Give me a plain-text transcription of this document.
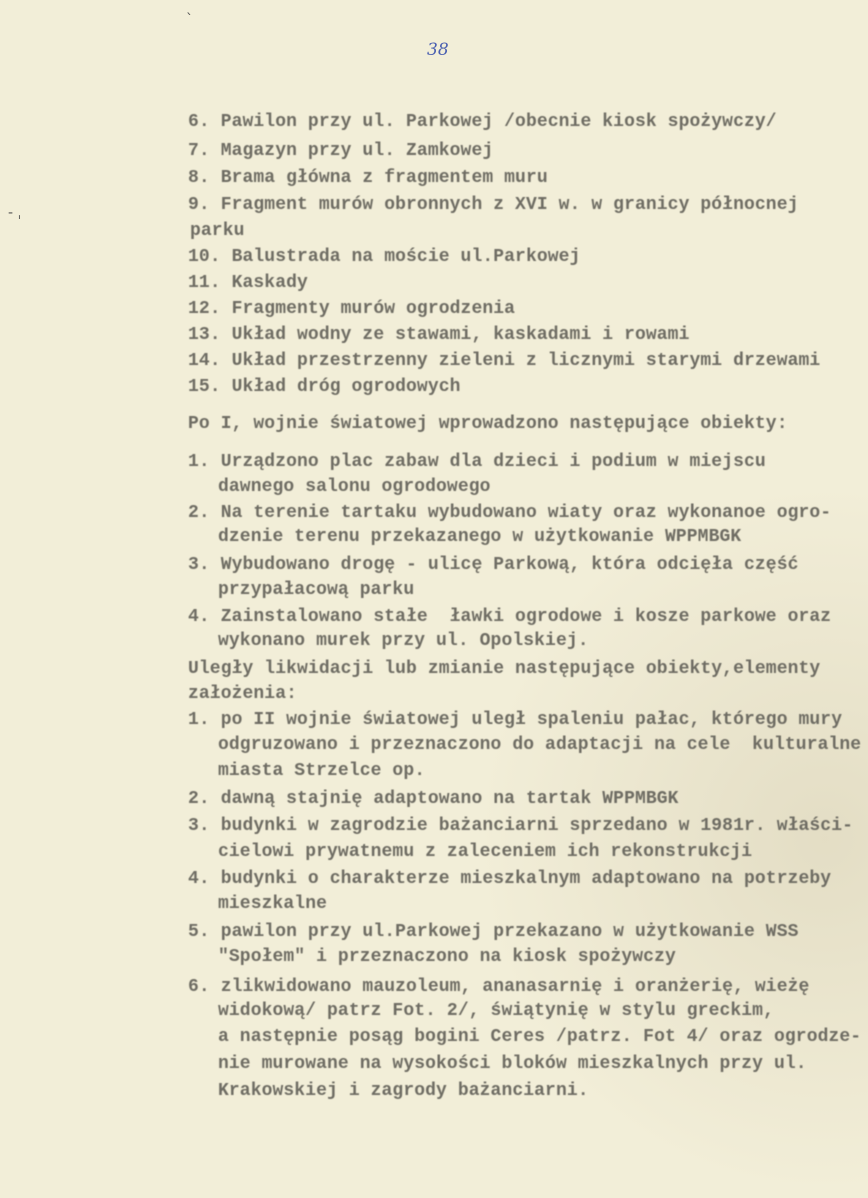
ˋ
- ˌ
38
6. Pawilon przy ul. Parkowej /obecnie kiosk spożywczy/
7. Magazyn przy ul. Zamkowej
8. Brama główna z fragmentem muru
9. Fragment murów obronnych z XVI w. w granicy północnej
parku
10. Balustrada na moście ul.Parkowej
11. Kaskady
12. Fragmenty murów ogrodzenia
13. Układ wodny ze stawami, kaskadami i rowami
14. Układ przestrzenny zieleni z licznymi starymi drzewami
15. Układ dróg ogrodowych
Po I, wojnie światowej wprowadzono następujące obiekty:
1. Urządzono plac zabaw dla dzieci i podium w miejscu
dawnego salonu ogrodowego
2. Na terenie tartaku wybudowano wiaty oraz wykonanoe ogro-
dzenie terenu przekazanego w użytkowanie WPPMBGK
3. Wybudowano drogę - ulicę Parkową, która odcięła część
przypałacową parku
4. Zainstalowano stałe  ławki ogrodowe i kosze parkowe oraz
wykonano murek przy ul. Opolskiej.
Uległy likwidacji lub zmianie następujące obiekty,elementy
założenia:
1. po II wojnie światowej uległ spaleniu pałac, którego mury
odgruzowano i przeznaczono do adaptacji na cele  kulturalne
miasta Strzelce op.
2. dawną stajnię adaptowano na tartak WPPMBGK
3. budynki w zagrodzie bażanciarni sprzedano w 1981r. właści-
cielowi prywatnemu z zaleceniem ich rekonstrukcji
4. budynki o charakterze mieszkalnym adaptowano na potrzeby
mieszkalne
5. pawilon przy ul.Parkowej przekazano w użytkowanie WSS
"Społem" i przeznaczono na kiosk spożywczy
6. zlikwidowano mauzoleum, ananasarnię i oranżerię, wieżę
widokową/ patrz Fot. 2/, świątynię w stylu greckim,
a następnie posąg bogini Ceres /patrz. Fot 4/ oraz ogrodze-
nie murowane na wysokości bloków mieszkalnych przy ul.
Krakowskiej i zagrody bażanciarni.
